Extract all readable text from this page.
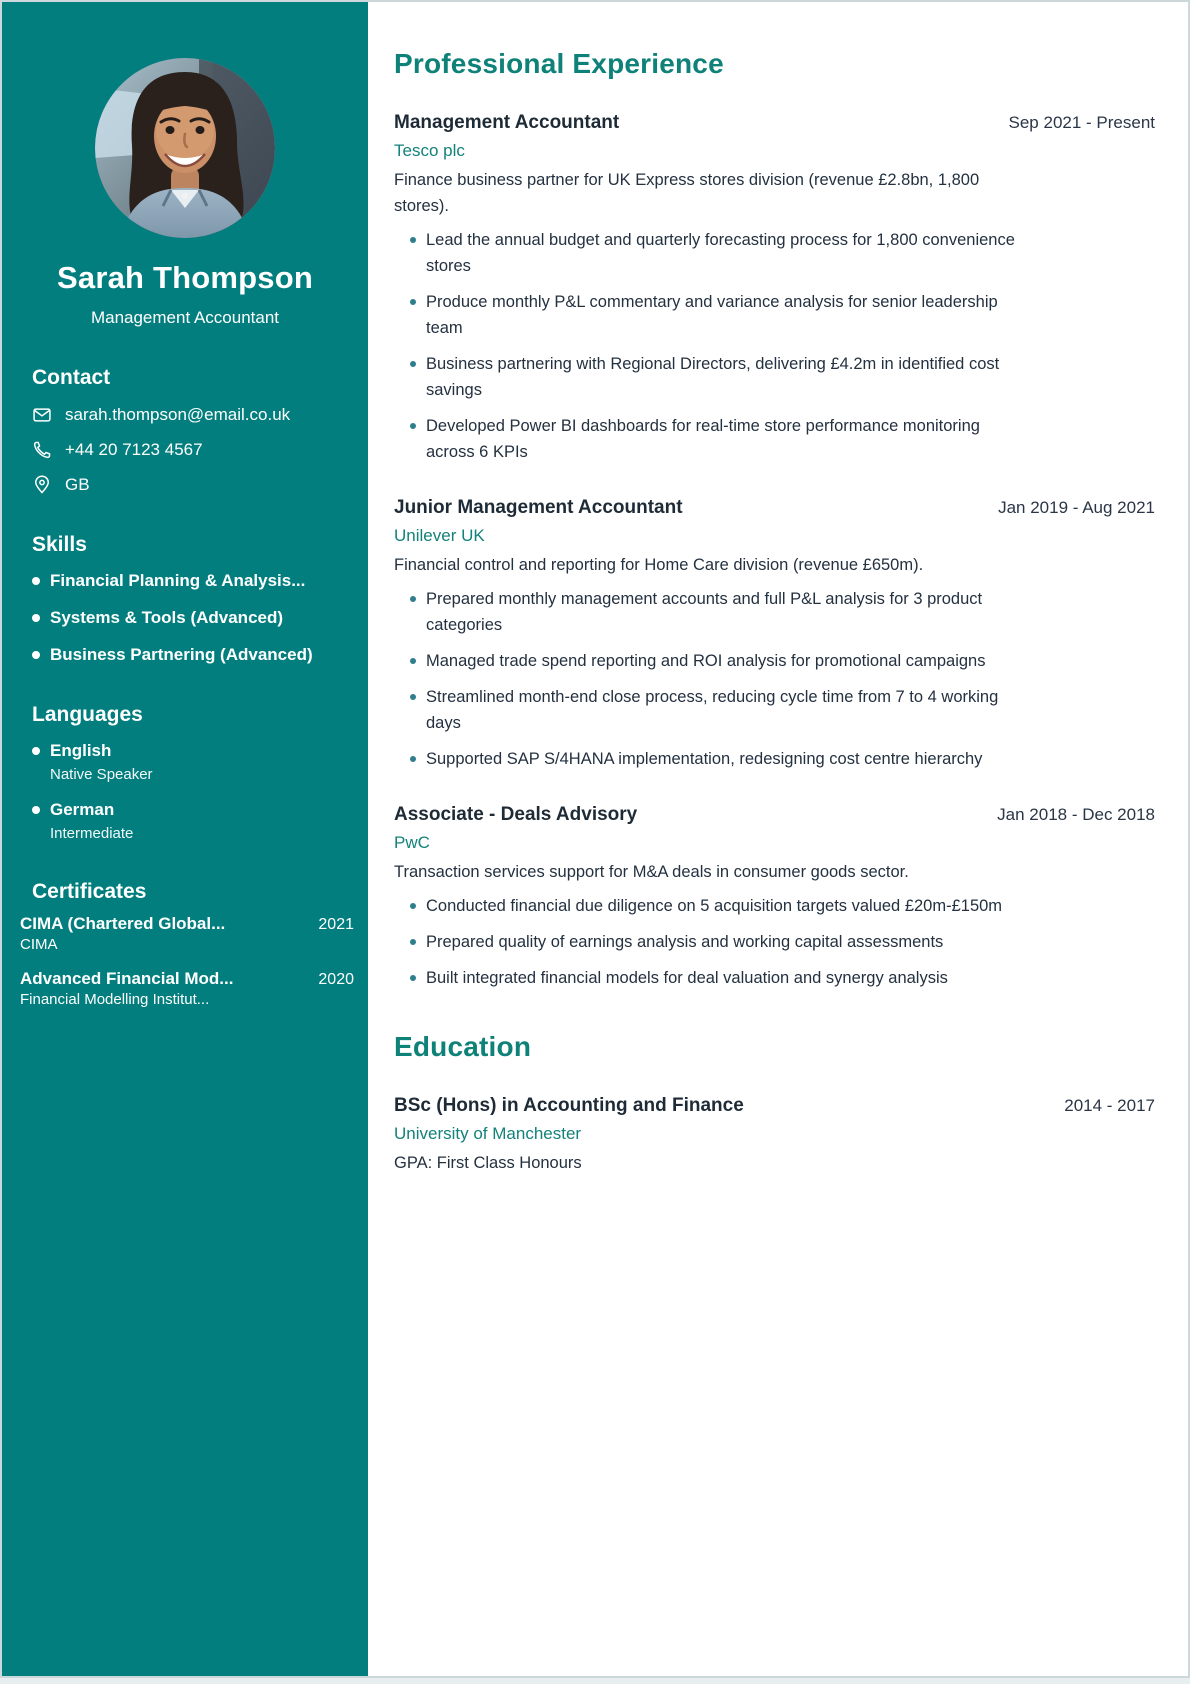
Sarah Thompson
Management Accountant
Contact
sarah.thompson@email.co.uk
+44 20 7123 4567
GB
Skills
Financial Planning & Analysis...
Systems & Tools (Advanced)
Business Partnering (Advanced)
Languages
English
Native Speaker
German
Intermediate
Certificates
CIMA (Chartered Global...	2021
CIMA
Advanced Financial Mod...	2020
Financial Modelling Institut...
Professional Experience
Management Accountant	Sep 2021 - Present
Tesco plc

Finance business partner for UK Express stores division (revenue £2.8bn, 1,800 stores).

Lead the annual budget and quarterly forecasting process for 1,800 convenience stores
Produce monthly P&L commentary and variance analysis for senior leadership team
Business partnering with Regional Directors, delivering £4.2m in identified cost savings
Developed Power BI dashboards for real-time store performance monitoring across 6 KPIs
Junior Management Accountant	Jan 2019 - Aug 2021
Unilever UK

Financial control and reporting for Home Care division (revenue £650m).

Prepared monthly management accounts and full P&L analysis for 3 product categories
Managed trade spend reporting and ROI analysis for promotional campaigns
Streamlined month-end close process, reducing cycle time from 7 to 4 working days
Supported SAP S/4HANA implementation, redesigning cost centre hierarchy
Associate - Deals Advisory	Jan 2018 - Dec 2018
PwC

Transaction services support for M&A deals in consumer goods sector.

Conducted financial due diligence on 5 acquisition targets valued £20m-£150m
Prepared quality of earnings analysis and working capital assessments
Built integrated financial models for deal valuation and synergy analysis
Education
BSc (Hons) in Accounting and Finance	2014 - 2017
University of Manchester

GPA: First Class Honours
